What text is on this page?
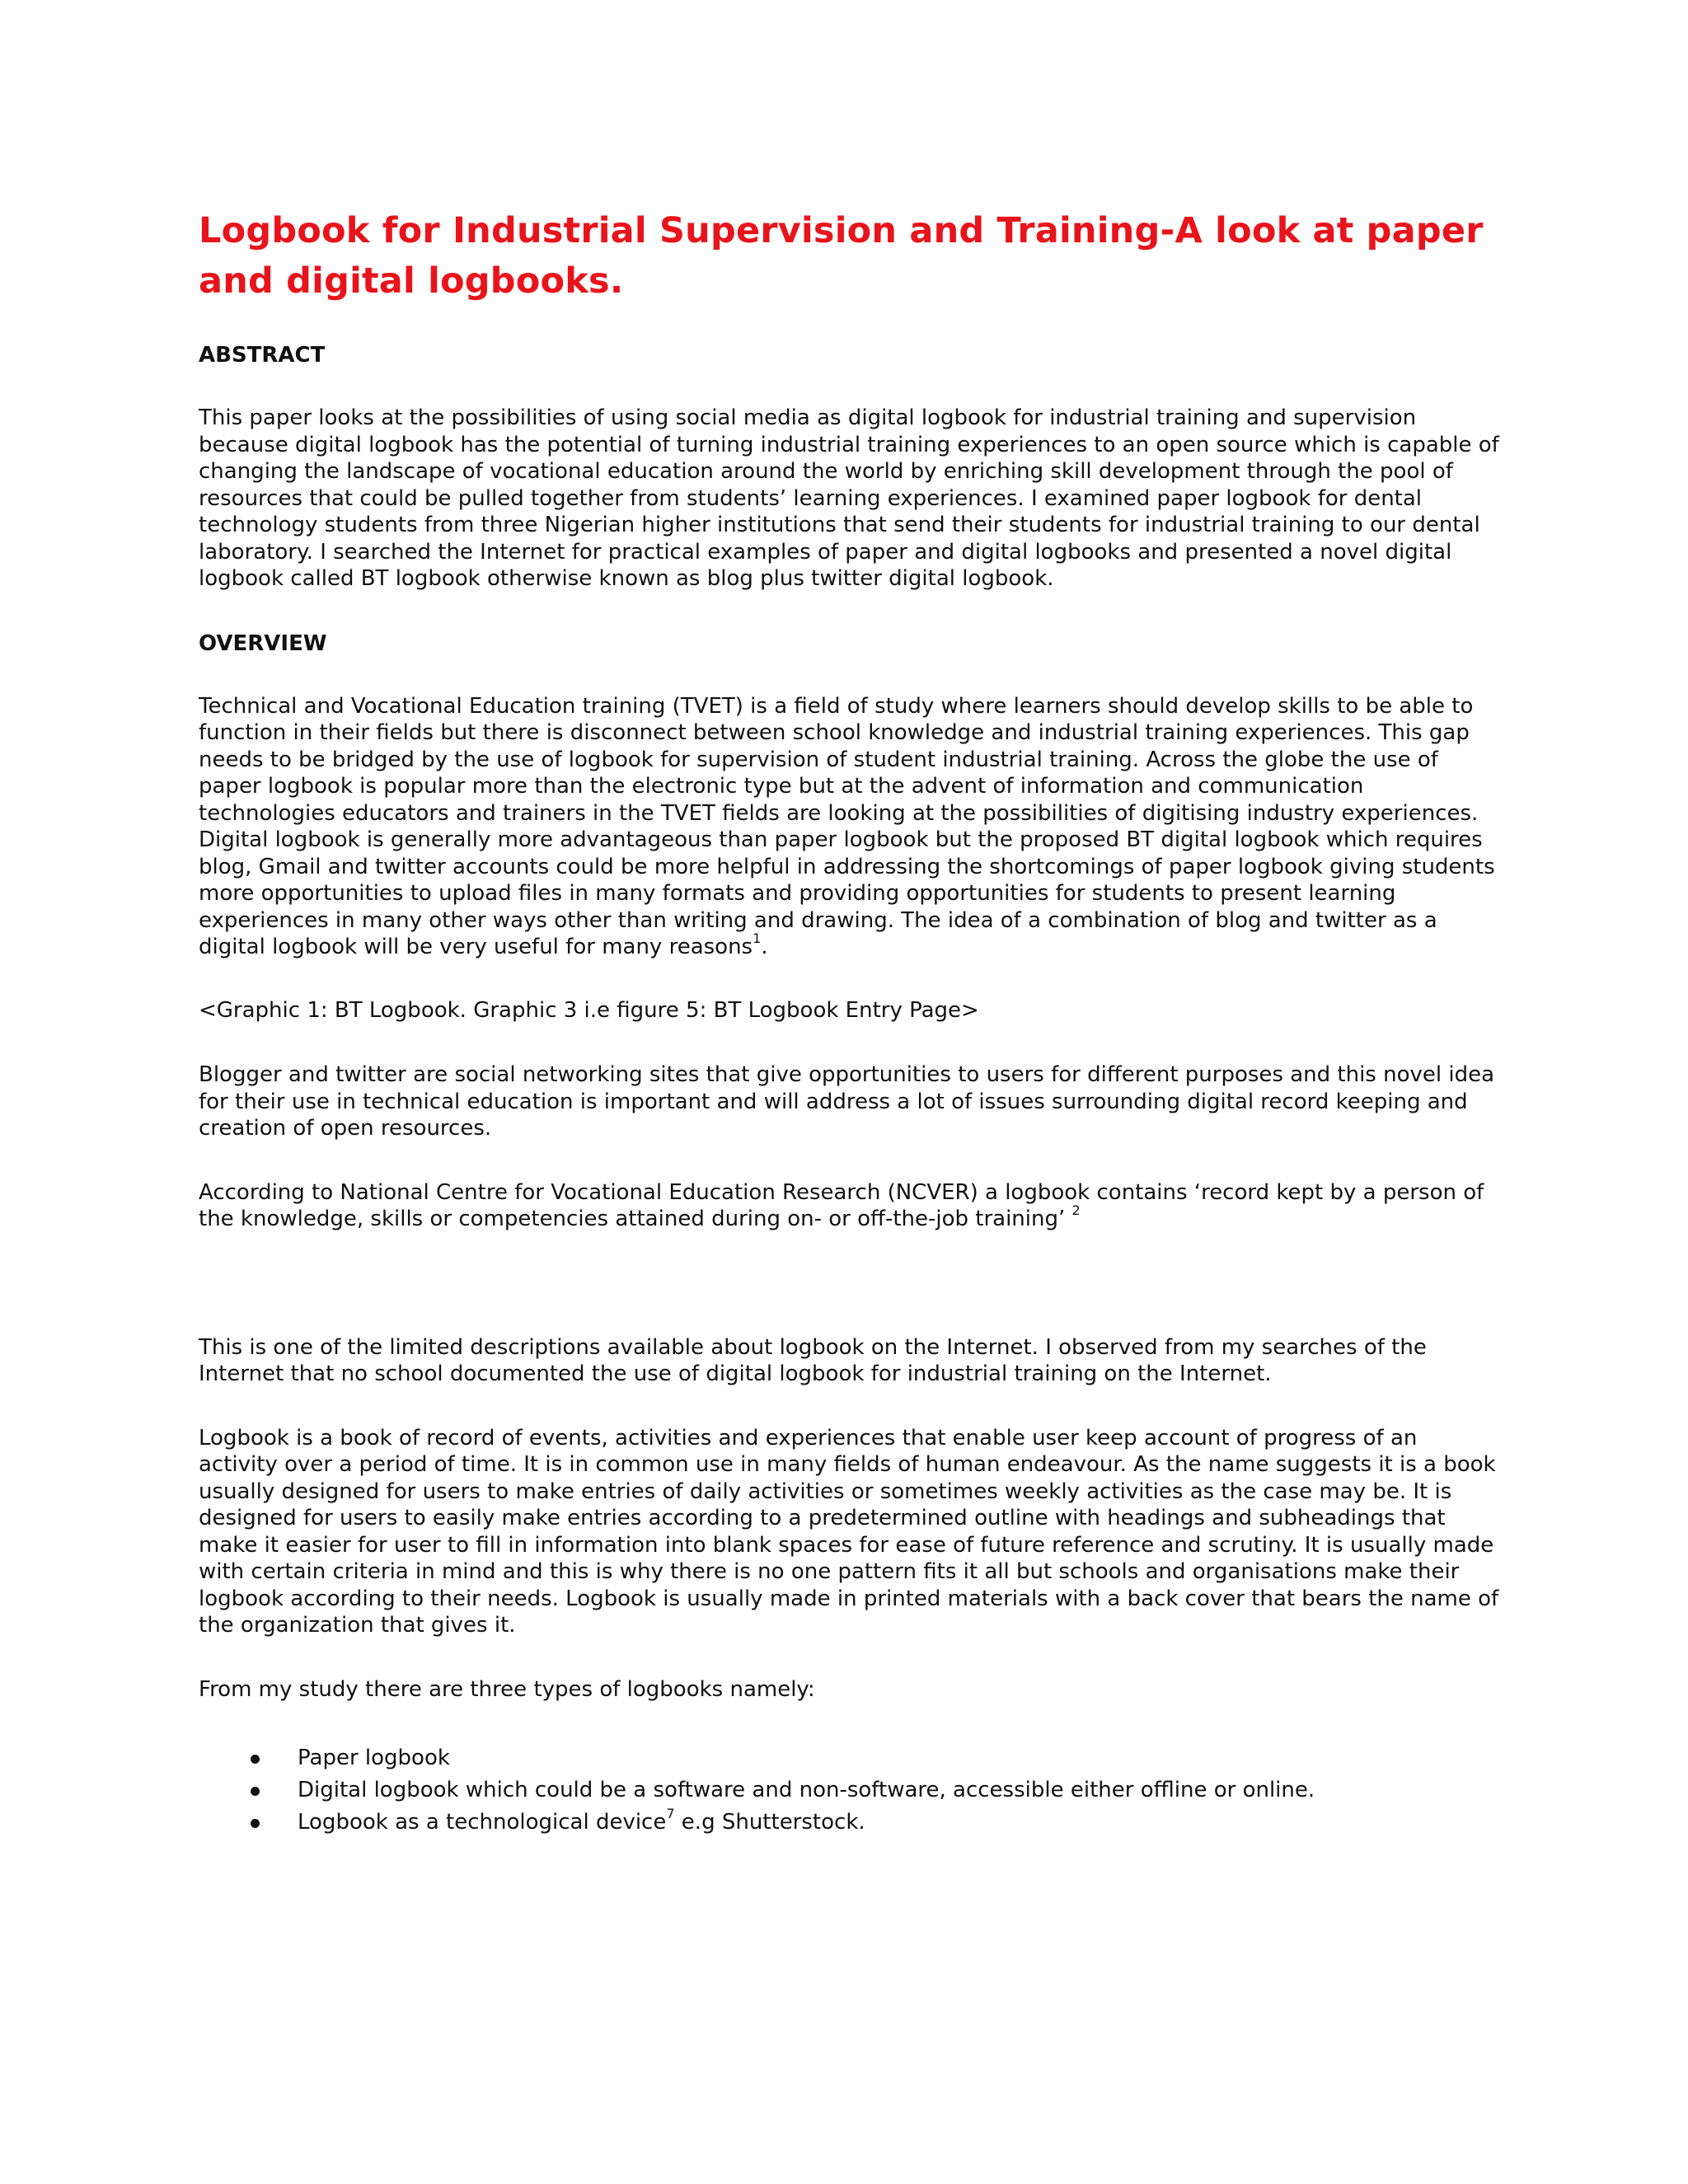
Logbook for Industrial Supervision and Training-A look at paper and digital logbooks.
ABSTRACT

This paper looks at the possibilities of using social media as digital logbook for industrial training and supervision because digital logbook has the potential of turning industrial training experiences to an open source which is capable of changing the landscape of vocational education around the world by enriching skill development through the pool of resources that could be pulled together from students’ learning experiences. I examined paper logbook for dental technology students from three Nigerian higher institutions that send their students for industrial training to our dental laboratory. I searched the Internet for practical examples of paper and digital logbooks and presented a novel digital logbook called BT logbook otherwise known as blog plus twitter digital logbook.

OVERVIEW

Technical and Vocational Education training (TVET) is a field of study where learners should develop skills to be able to function in their fields but there is disconnect between school knowledge and industrial training experiences. This gap needs to be bridged by the use of logbook for supervision of student industrial training. Across the globe the use of paper logbook is popular more than the electronic type but at the advent of information and communication technologies educators and trainers in the TVET fields are looking at the possibilities of digitising industry experiences. Digital logbook is generally more advantageous than paper logbook but the proposed BT digital logbook which requires blog, Gmail and twitter accounts could be more helpful in addressing the shortcomings of paper logbook giving students more opportunities to upload files in many formats and providing opportunities for students to present learning experiences in many other ways other than writing and drawing. The idea of a combination of blog and twitter as a digital logbook will be very useful for many reasons$^1$.

<Graphic 1: BT Logbook. Graphic 3 i.e figure 5: BT Logbook Entry Page>

Blogger and twitter are social networking sites that give opportunities to users for different purposes and this novel idea for their use in technical education is important and will address a lot of issues surrounding digital record keeping and creation of open resources.

According to National Centre for Vocational Education Research (NCVER) a logbook contains ‘record kept by a person of the knowledge, skills or competencies attained during on- or off-the-job training’ $^2$

This is one of the limited descriptions available about logbook on the Internet. I observed from my searches of the Internet that no school documented the use of digital logbook for industrial training on the Internet.

Logbook is a book of record of events, activities and experiences that enable user keep account of progress of an activity over a period of time. It is in common use in many fields of human endeavour. As the name suggests it is a book usually designed for users to make entries of daily activities or sometimes weekly activities as the case may be. It is designed for users to easily make entries according to a predetermined outline with headings and subheadings that make it easier for user to fill in information into blank spaces for ease of future reference and scrutiny. It is usually made with certain criteria in mind and this is why there is no one pattern fits it all but schools and organisations make their logbook according to their needs. Logbook is usually made in printed materials with a back cover that bears the name of the organization that gives it.

From my study there are three types of logbooks namely:

Paper logbook
Digital logbook which could be a software and non-software, accessible either offline or online.
Logbook as a technological device$^7$ e.g Shutterstock.
